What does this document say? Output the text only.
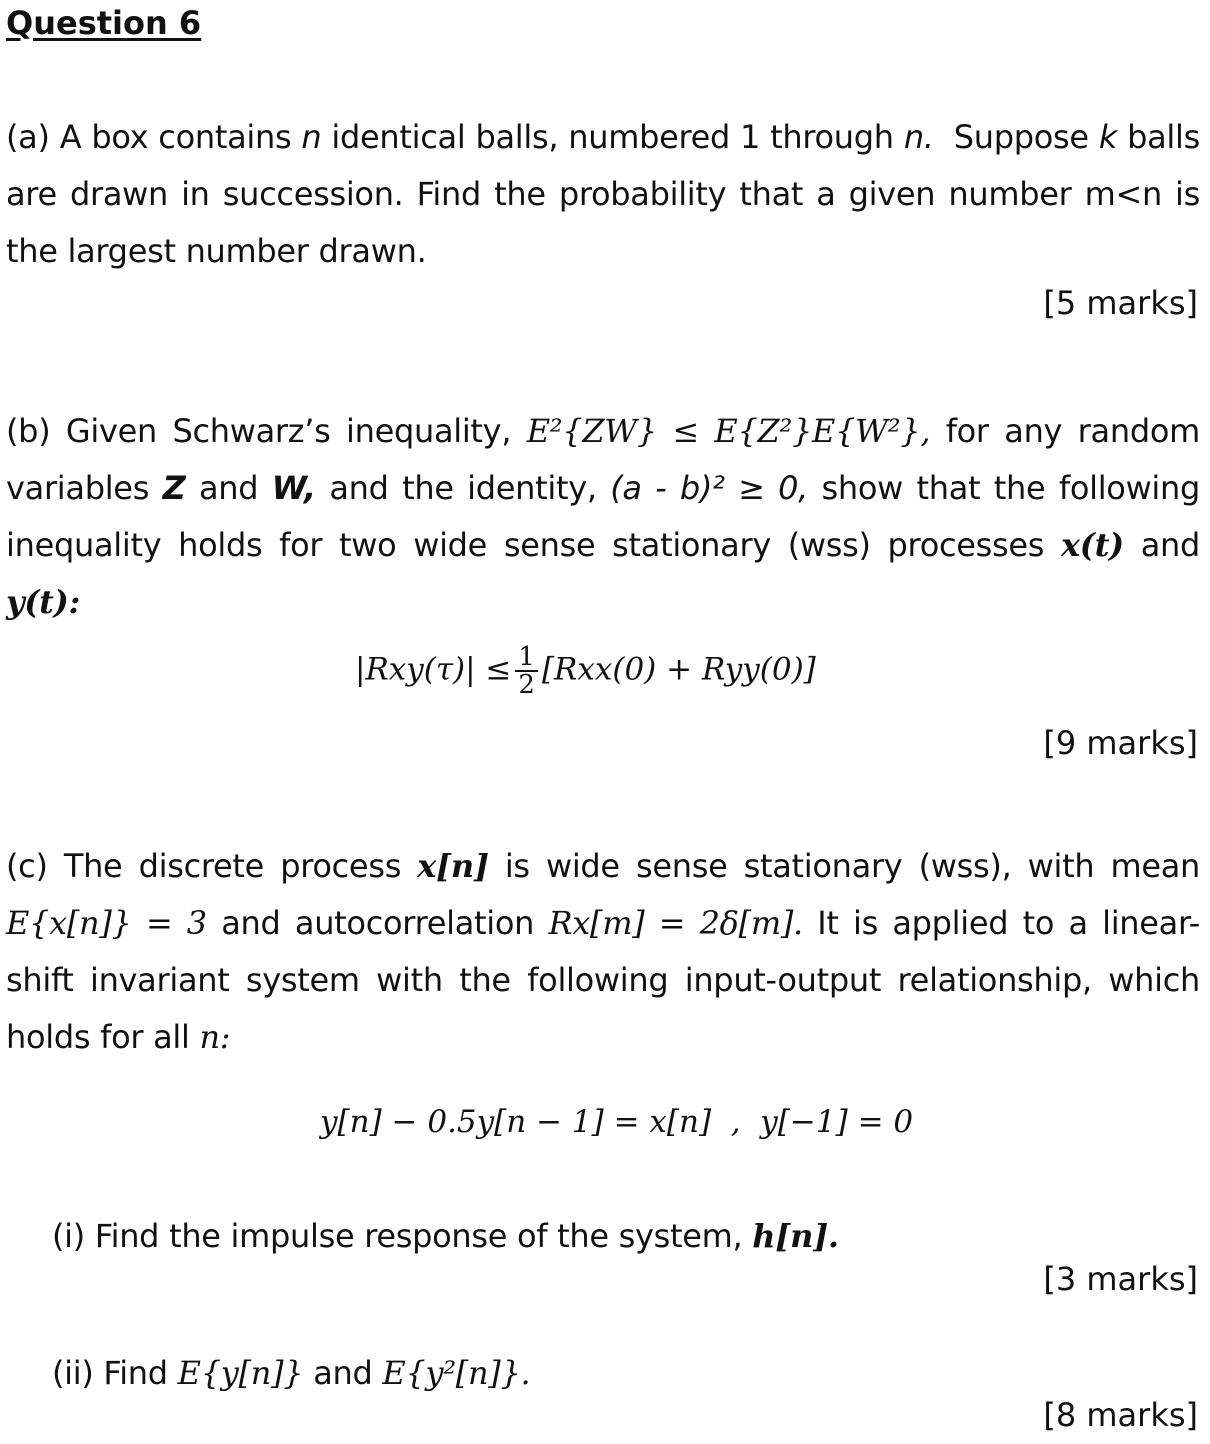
Question 6
(a) A box contains n identical balls, numbered 1 through n. Suppose k balls are drawn in succession. Find the probability that a given number m<n is the largest number drawn.
[5 marks]
(b) Given Schwarz’s inequality, E²{ZW} ≤ E{Z²}E{W²}, for any random variables Z and W, and the identity, (a - b)² ≥ 0, show that the following inequality holds for two wide sense stationary (wss) processes x(t) and y(t):
$|Rxy(\tau)| \le \frac{1}{2} [Rxx(0) + Ryy(0)]$
[9 marks]
(c) The discrete process x[n] is wide sense stationary (wss), with mean E{x[n]} = 3 and autocorrelation Rx[m] = 2δ[m]. It is applied to a linear-shift invariant system with the following input-output relationship, which holds for all n:
y[n] − 0.5y[n − 1] = x[n]  ,  y[−1] = 0
(i) Find the impulse response of the system, h[n].
[3 marks]
(ii) Find E{y[n]} and E{y²[n]}.
[8 marks]
